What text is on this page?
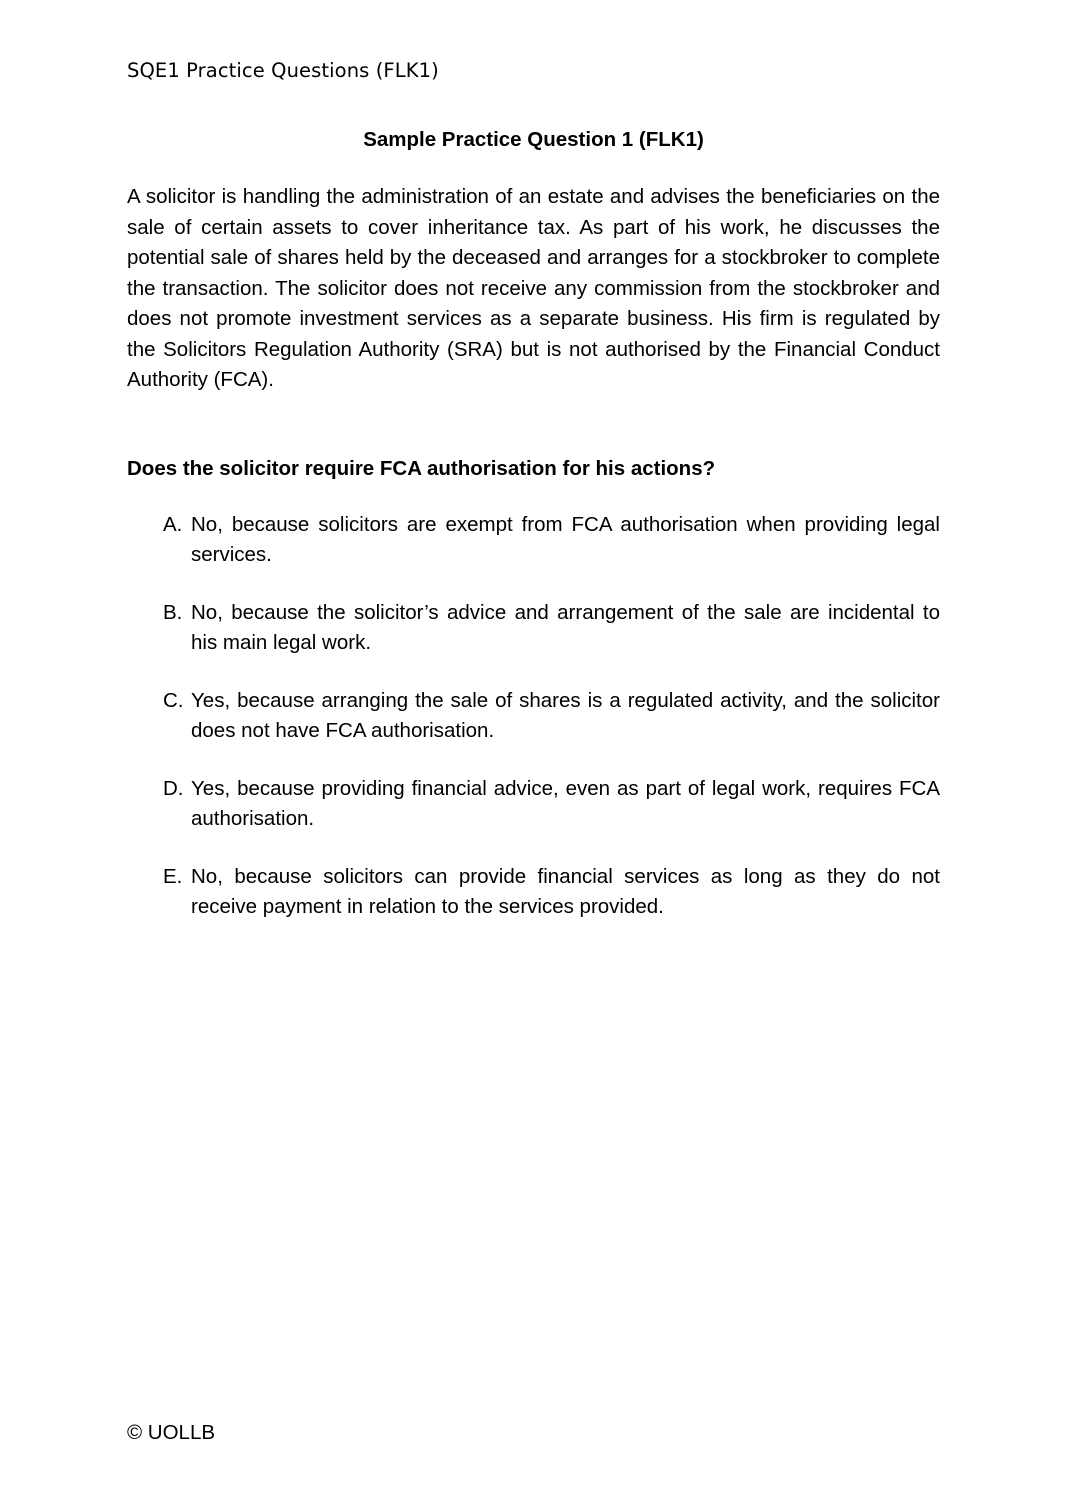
SQE1 Practice Questions (FLK1)
Sample Practice Question 1 (FLK1)

A solicitor is handling the administration of an estate and advises the beneficiaries on the sale of certain assets to cover inheritance tax. As part of his work, he discusses the potential sale of shares held by the deceased and arranges for a stockbroker to complete the transaction. The solicitor does not receive any commission from the stockbroker and does not promote investment services as a separate business. His firm is regulated by the Solicitors Regulation Authority (SRA) but is not authorised by the Financial Conduct Authority (FCA).

Does the solicitor require FCA authorisation for his actions?

A. No, because solicitors are exempt from FCA authorisation when providing legal services.
B. No, because the solicitor’s advice and arrangement of the sale are incidental to his main legal work.
C. Yes, because arranging the sale of shares is a regulated activity, and the solicitor does not have FCA authorisation.
D. Yes, because providing financial advice, even as part of legal work, requires FCA authorisation.
E. No, because solicitors can provide financial services as long as they do not receive payment in relation to the services provided.
© UOLLB
